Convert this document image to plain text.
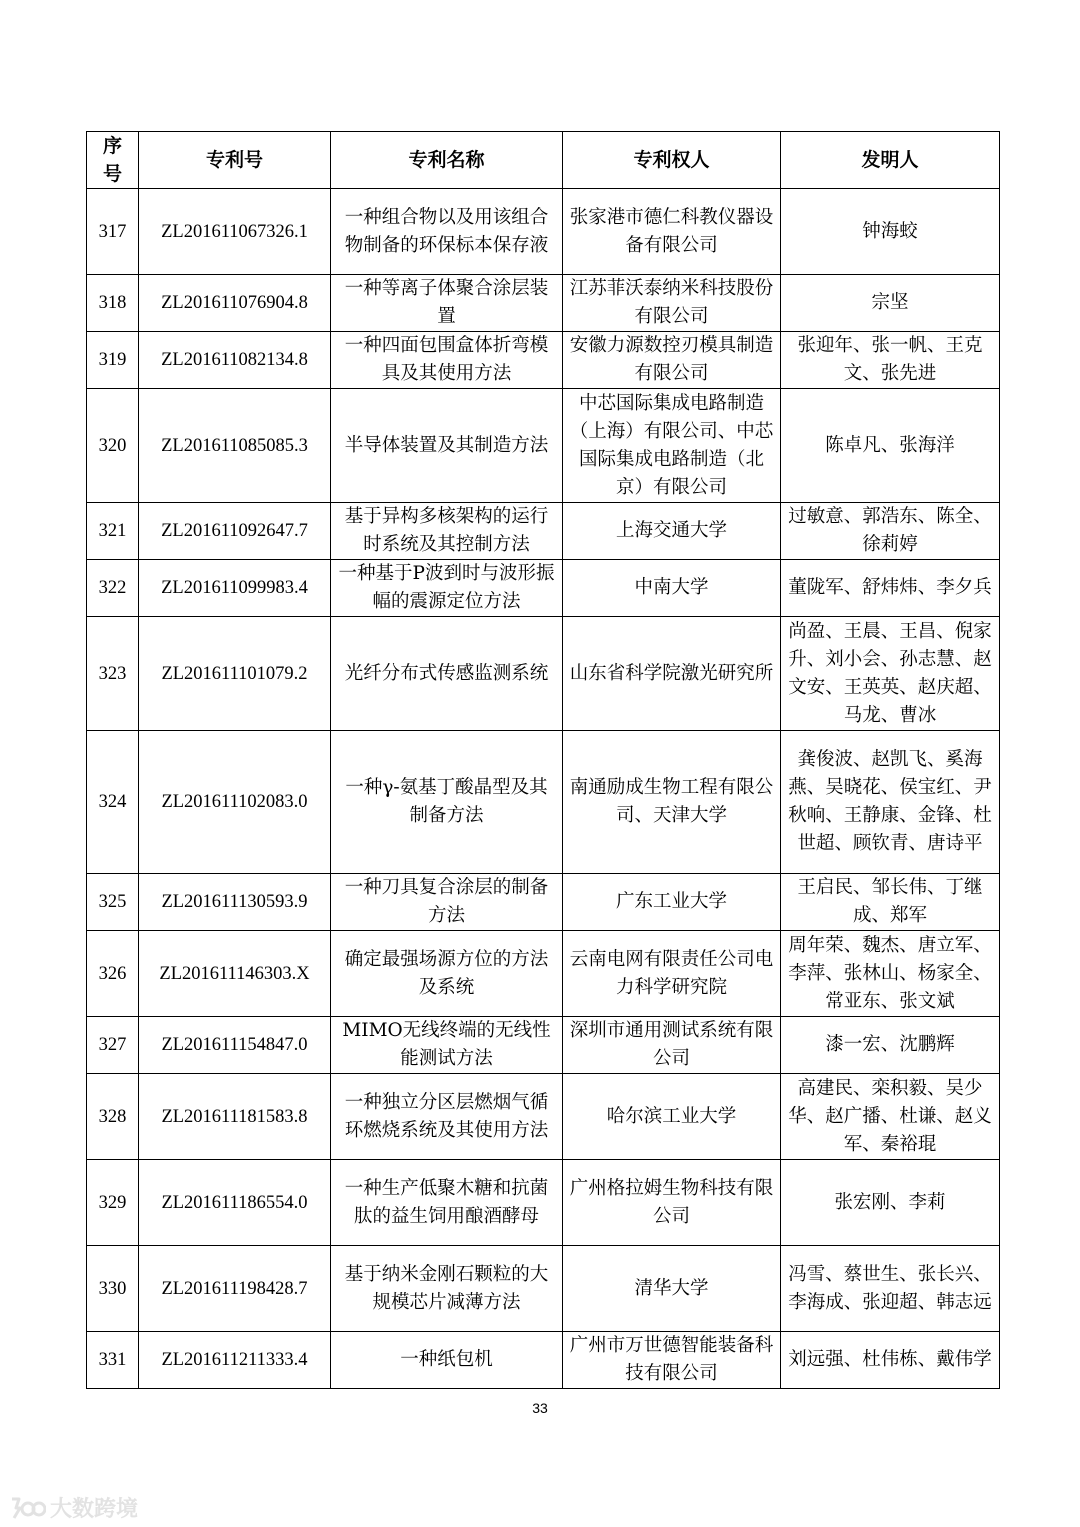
序号	专利号	专利名称	专利权人	发明人
317	ZL201611067326.1	一种组合物以及用该组合物制备的环保标本保存液	张家港市德仁科教仪器设备有限公司	钟海蛟
318	ZL201611076904.8	一种等离子体聚合涂层装置	江苏菲沃泰纳米科技股份有限公司	宗坚
319	ZL201611082134.8	一种四面包围盒体折弯模具及其使用方法	安徽力源数控刃模具制造有限公司	张迎年、张一帆、王克文、张先进
320	ZL201611085085.3	半导体装置及其制造方法	中芯国际集成电路制造（上海）有限公司、中芯国际集成电路制造（北京）有限公司	陈卓凡、张海洋
321	ZL201611092647.7	基于异构多核架构的运行时系统及其控制方法	上海交通大学	过敏意、郭浩东、陈全、徐莉婷
322	ZL201611099983.4	一种基于P波到时与波形振幅的震源定位方法	中南大学	董陇军、舒炜炜、李夕兵
323	ZL201611101079.2	光纤分布式传感监测系统	山东省科学院激光研究所	尚盈、王晨、王昌、倪家升、刘小会、孙志慧、赵文安、王英英、赵庆超、马龙、曹冰
324	ZL201611102083.0	一种γ-氨基丁酸晶型及其制备方法	南通励成生物工程有限公司、天津大学	龚俊波、赵凯飞、奚海燕、吴晓花、侯宝红、尹秋响、王静康、金锋、杜世超、顾钦青、唐诗平
325	ZL201611130593.9	一种刀具复合涂层的制备方法	广东工业大学	王启民、邹长伟、丁继成、郑军
326	ZL201611146303.X	确定最强场源方位的方法及系统	云南电网有限责任公司电力科学研究院	周年荣、魏杰、唐立军、李萍、张林山、杨家全、常亚东、张文斌
327	ZL201611154847.0	MIMO无线终端的无线性能测试方法	深圳市通用测试系统有限公司	漆一宏、沈鹏辉
328	ZL201611181583.8	一种独立分区层燃烟气循环燃烧系统及其使用方法	哈尔滨工业大学	高建民、栾积毅、吴少华、赵广播、杜谦、赵义军、秦裕琨
329	ZL201611186554.0	一种生产低聚木糖和抗菌肽的益生饲用酿酒酵母	广州格拉姆生物科技有限公司	张宏刚、李莉
330	ZL201611198428.7	基于纳米金刚石颗粒的大规模芯片减薄方法	清华大学	冯雪、蔡世生、张长兴、李海成、张迎超、韩志远
331	ZL201611211333.4	一种纸包机	广州市万世德智能装备科技有限公司	刘远强、杜伟栋、戴伟学
33
大数跨境
